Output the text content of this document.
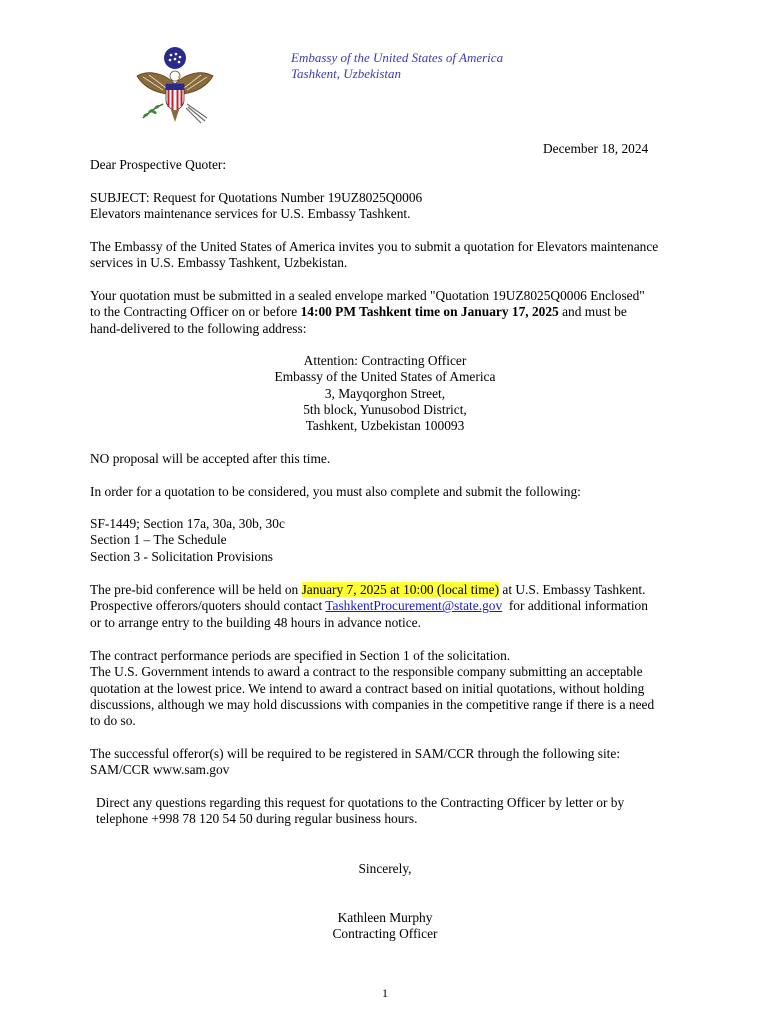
Embassy of the United States of America

Tashkent, Uzbekistan

December 18, 2024
Dear Prospective Quoter:

SUBJECT: Request for Quotations Number 19UZ8025Q0006

Elevators maintenance services for U.S. Embassy Tashkent.

The Embassy of the United States of America invites you to submit a quotation for Elevators maintenance

services in U.S. Embassy Tashkent, Uzbekistan.

Your quotation must be submitted in a sealed envelope marked "Quotation 19UZ8025Q0006 Enclosed"

to the Contracting Officer on or before 14:00 PM Tashkent time on January 17, 2025 and must be

hand-delivered to the following address:

Attention: Contracting Officer

Embassy of the United States of America

3, Mayqorghon Street,

5th block, Yunusobod District,

Tashkent, Uzbekistan 100093

NO proposal will be accepted after this time.
In order for a quotation to be considered, you must also complete and submit the following:

SF-1449; Section 17a, 30a, 30b, 30c

Section 1 – The Schedule

Section 3 - Solicitation Provisions

The pre-bid conference will be held on January 7, 2025 at 10:00 (local time) at U.S. Embassy Tashkent.

Prospective offerors/quoters should contact TashkentProcurement@state.gov  for additional information

or to arrange entry to the building 48 hours in advance notice.

The contract performance periods are specified in Section 1 of the solicitation.

The U.S. Government intends to award a contract to the responsible company submitting an acceptable

quotation at the lowest price. We intend to award a contract based on initial quotations, without holding

discussions, although we may hold discussions with companies in the competitive range if there is a need

to do so.

The successful offeror(s) will be required to be registered in SAM/CCR through the following site:

SAM/CCR www.sam.gov

Direct any questions regarding this request for quotations to the Contracting Officer by letter or by

telephone +998 78 120 54 50 during regular business hours.

Sincerely,

Kathleen Murphy

Contracting Officer

1
